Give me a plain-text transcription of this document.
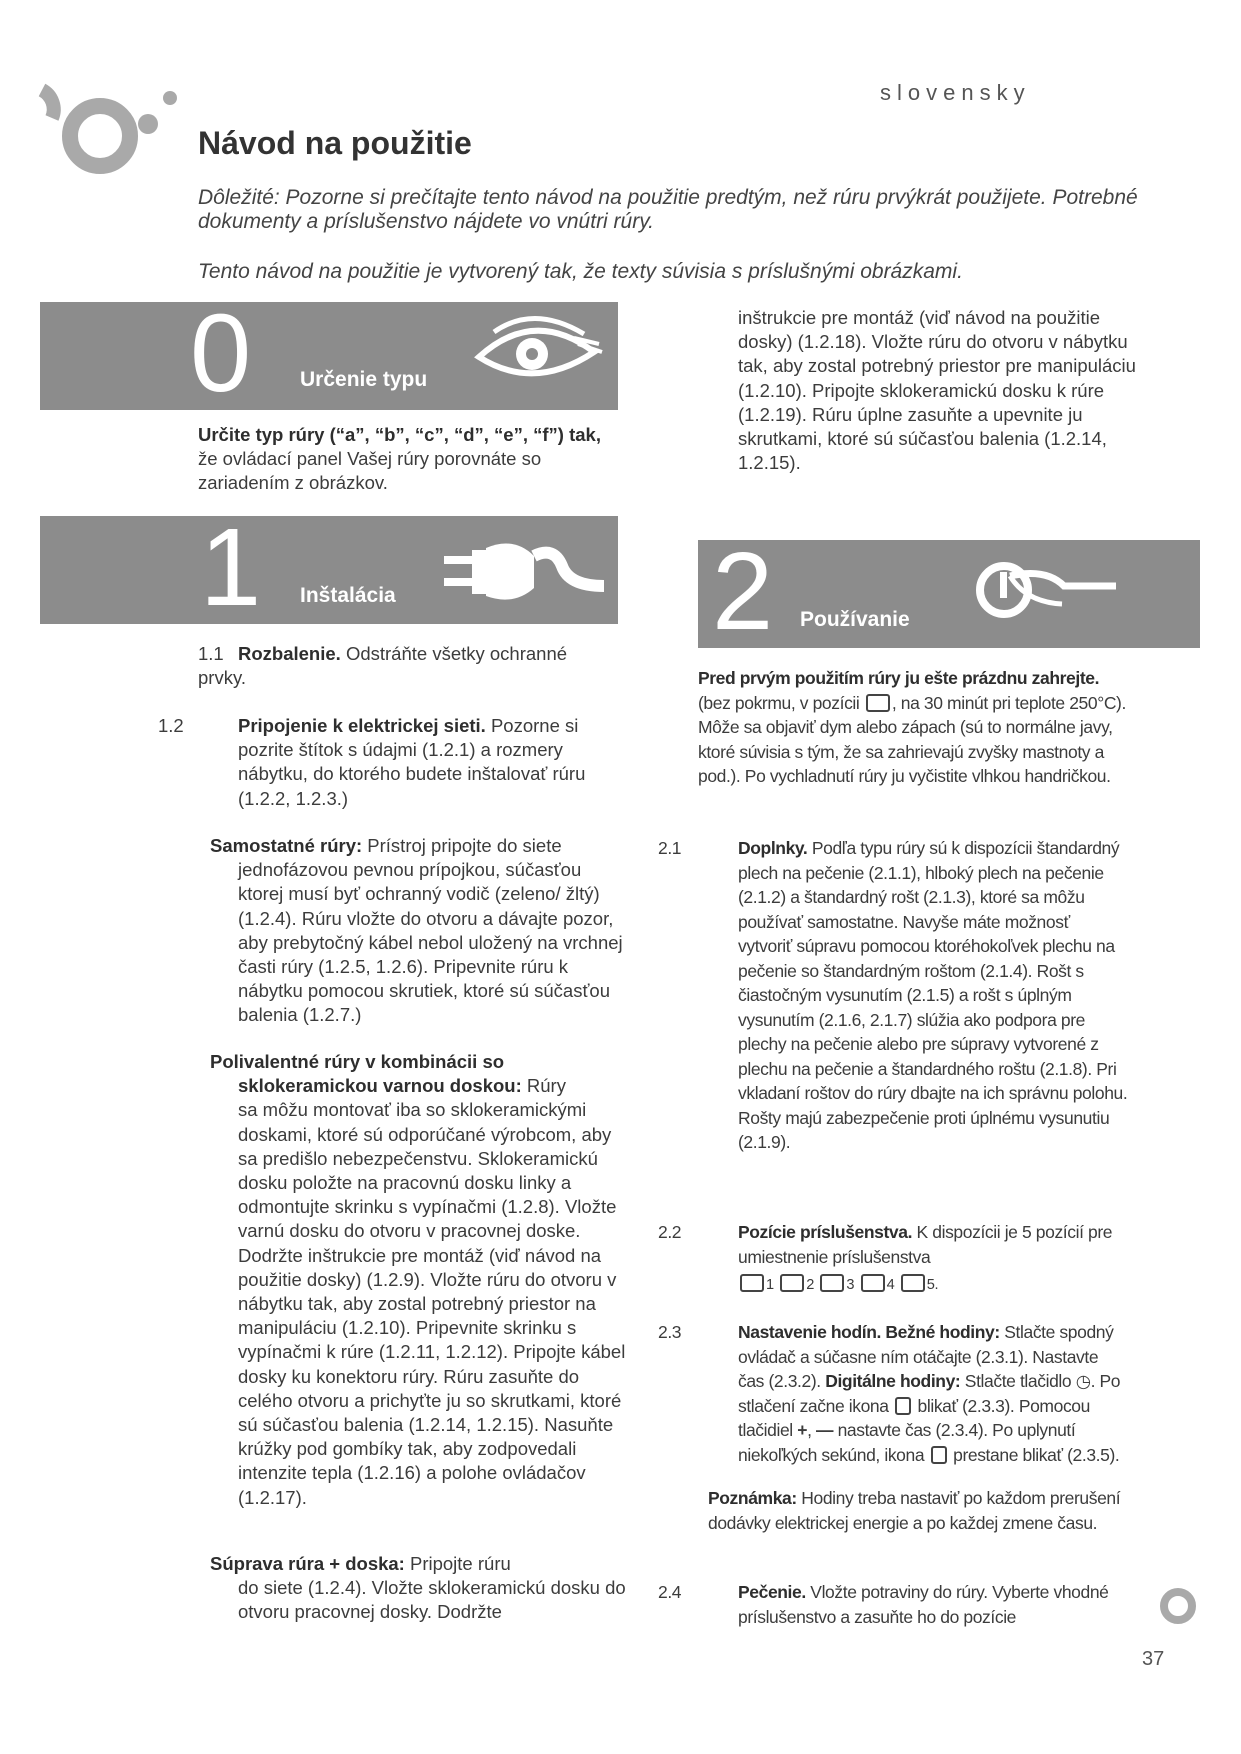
slovensky
Návod na použitie
Dôležité: Pozorne si prečítajte tento návod na použitie predtým, než rúru prvýkrát použijete. Potrebné dokumenty a príslušenstvo nájdete vo vnútri rúry.
Tento návod na použitie je vytvorený tak, že texty súvisia s príslušnými obrázkami.
0 Určenie typu
Určite typ rúry (“a”, “b”, “c”, “d”, “e”, “f”) tak, že ovládací panel Vašej rúry porovnáte so zariadením z obrázkov.
1 Inštalácia

1.1 Rozbalenie. Odstráňte všetky ochranné prvky.

1.2	Pripojenie k elektrickej sieti. Pozorne si pozrite štítok s údajmi (1.2.1) a rozmery nábytku, do ktorého budete inštalovať rúru (1.2.2, 1.2.3.)

Samostatné rúry: Prístroj pripojte do siete

jednofázovou pevnou prípojkou, súčasťou ktorej musí byť ochranný vodič (zeleno/ žltý) (1.2.4). Rúru vložte do otvoru a dávajte pozor, aby prebytočný kábel nebol uložený na vrchnej časti rúry (1.2.5, 1.2.6). Pripevnite rúru k nábytku pomocou skrutiek, ktoré sú súčasťou balenia (1.2.7.)

Polivalentné rúry v kombinácii so

sklokeramickou varnou doskou: Rúry

sa môžu montovať iba so sklokeramickými doskami, ktoré sú odporúčané výrobcom, aby sa predišlo nebezpečenstvu. Sklokeramickú dosku položte na pracovnú dosku linky a odmontujte skrinku s vypínačmi (1.2.8). Vložte varnú dosku do otvoru v pracovnej doske. Dodržte inštrukcie pre montáž (viď návod na použitie dosky) (1.2.9). Vložte rúru do otvoru v nábytku tak, aby zostal potrebný priestor na manipuláciu (1.2.10). Pripevnite skrinku s vypínačmi k rúre (1.2.11, 1.2.12). Pripojte kábel dosky ku konektoru rúry. Rúru zasuňte do celého otvoru a prichyťte ju so skrutkami, ktoré sú súčasťou balenia (1.2.14, 1.2.15). Nasuňte krúžky pod gombíky tak, aby zodpovedali intenzite tepla (1.2.16) a polohe ovládačov (1.2.17).

Súprava rúra + doska: Pripojte rúru

do siete (1.2.4). Vložte sklokeramickú dosku do otvoru pracovnej dosky. Dodržte

inštrukcie pre montáž (viď návod na použitie dosky) (1.2.18). Vložte rúru do otvoru v nábytku tak, aby zostal potrebný priestor pre manipuláciu (1.2.10). Pripojte sklokeramickú dosku k rúre (1.2.19). Rúru úplne zasuňte a upevnite ju skrutkami, ktoré sú súčasťou balenia (1.2.14, 1.2.15).
2 Používanie
Pred prvým použitím rúry ju ešte prázdnu zahrejte. (bez pokrmu, v pozícii , na 30 minút pri teplote 250°C). Môže sa objaviť dym alebo zápach (sú to normálne javy, ktoré súvisia s tým, že sa zahrievajú zvyšky mastnoty a pod.). Po vychladnutí rúry ju vyčistite vlhkou handričkou.

2.1	Doplnky. Podľa typu rúry sú k dispozícii štandardný plech na pečenie (2.1.1), hlboký plech na pečenie (2.1.2) a štandardný rošt (2.1.3), ktoré sa môžu používať samostatne. Navyše máte možnosť vytvoriť súpravu pomocou ktoréhokoľvek plechu na pečenie so štandardným roštom (2.1.4). Rošt s čiastočným vysunutím (2.1.5) a rošt s úplným vysunutím (2.1.6, 2.1.7) slúžia ako podpora pre plechy na pečenie alebo pre súpravy vytvorené z plechu na pečenie a štandardného roštu (2.1.8). Pri vkladaní roštov do rúry dbajte na ich správnu polohu. Rošty majú zabezpečenie proti úplnému vysunutiu (2.1.9).

2.2	Pozície príslušenstva. K dispozícii je 5 pozícií pre umiestnenie príslušenstva

1 2 3 4 5.

2.3	Nastavenie hodín. Bežné hodiny: Stlačte spodný ovládač a súčasne ním otáčajte (2.3.1). Nastavte čas (2.3.2). Digitálne hodiny: Stlačte tlačidlo ◷. Po stlačení začne ikona  blikať (2.3.3). Pomocou tlačidiel +, — nastavte čas (2.3.4). Po uplynutí niekoľkých sekúnd, ikona  prestane blikať (2.3.5).

Poznámka: Hodiny treba nastaviť po každom prerušení dodávky elektrickej energie a po každej zmene času.

2.4	Pečenie. Vložte potraviny do rúry. Vyberte vhodné príslušenstvo a zasuňte ho do pozície

37
